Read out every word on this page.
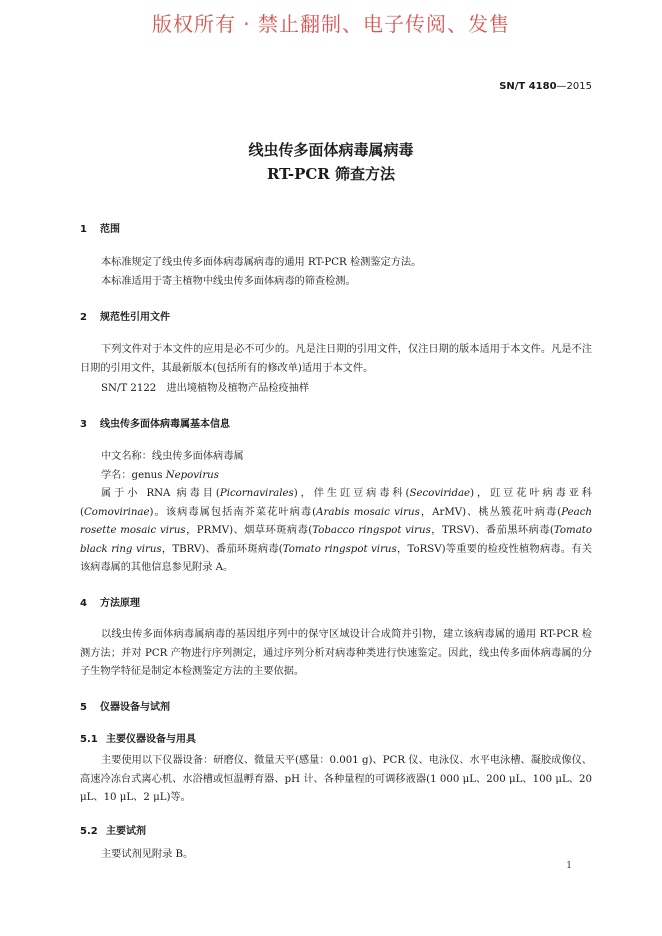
版权所有 · 禁止翻制、电子传阅、发售
SN/T 4180—2015
线虫传多面体病毒属病毒
RT-PCR 筛查方法
1 范围
本标准规定了线虫传多面体病毒属病毒的通用 RT-PCR 检测鉴定方法。
本标准适用于寄主植物中线虫传多面体病毒的筛查检测。
2 规范性引用文件
下列文件对于本文件的应用是必不可少的。凡是注日期的引用文件，仅注日期的版本适用于本文件。凡是不注日期的引用文件，其最新版本(包括所有的修改单)适用于本文件。
SN/T 2122　进出境植物及植物产品检疫抽样
3 线虫传多面体病毒属基本信息
中文名称：线虫传多面体病毒属
学名：genus Nepovirus
属于小 RNA 病毒目(Picornavirales)，伴生豇豆病毒科(Secoviridae)，豇豆花叶病毒亚科(Comovirinae)。该病毒属包括南芥菜花叶病毒(Arabis mosaic virus，ArMV)、桃丛簇花叶病毒(Peach rosette mosaic virus，PRMV)、烟草环斑病毒(Tobacco ringspot virus，TRSV)、番茄黑环病毒(Tomato black ring virus，TBRV)、番茄环斑病毒(Tomato ringspot virus，ToRSV)等重要的检疫性植物病毒。有关该病毒属的其他信息参见附录 A。
4 方法原理
以线虫传多面体病毒属病毒的基因组序列中的保守区域设计合成简并引物，建立该病毒属的通用 RT-PCR 检测方法；并对 PCR 产物进行序列测定，通过序列分析对病毒种类进行快速鉴定。因此，线虫传多面体病毒属的分子生物学特征是制定本检测鉴定方法的主要依据。
5 仪器设备与试剂
5.1 主要仪器设备与用具
主要使用以下仪器设备：研磨仪、微量天平(感量：0.001 g)、PCR 仪、电泳仪、水平电泳槽、凝胶成像仪、高速冷冻台式离心机、水浴槽或恒温孵育器、pH 计、各种量程的可调移液器(1 000 μL、200 μL、100 μL、20 μL、10 μL、2 μL)等。
5.2 主要试剂
主要试剂见附录 B。
1
